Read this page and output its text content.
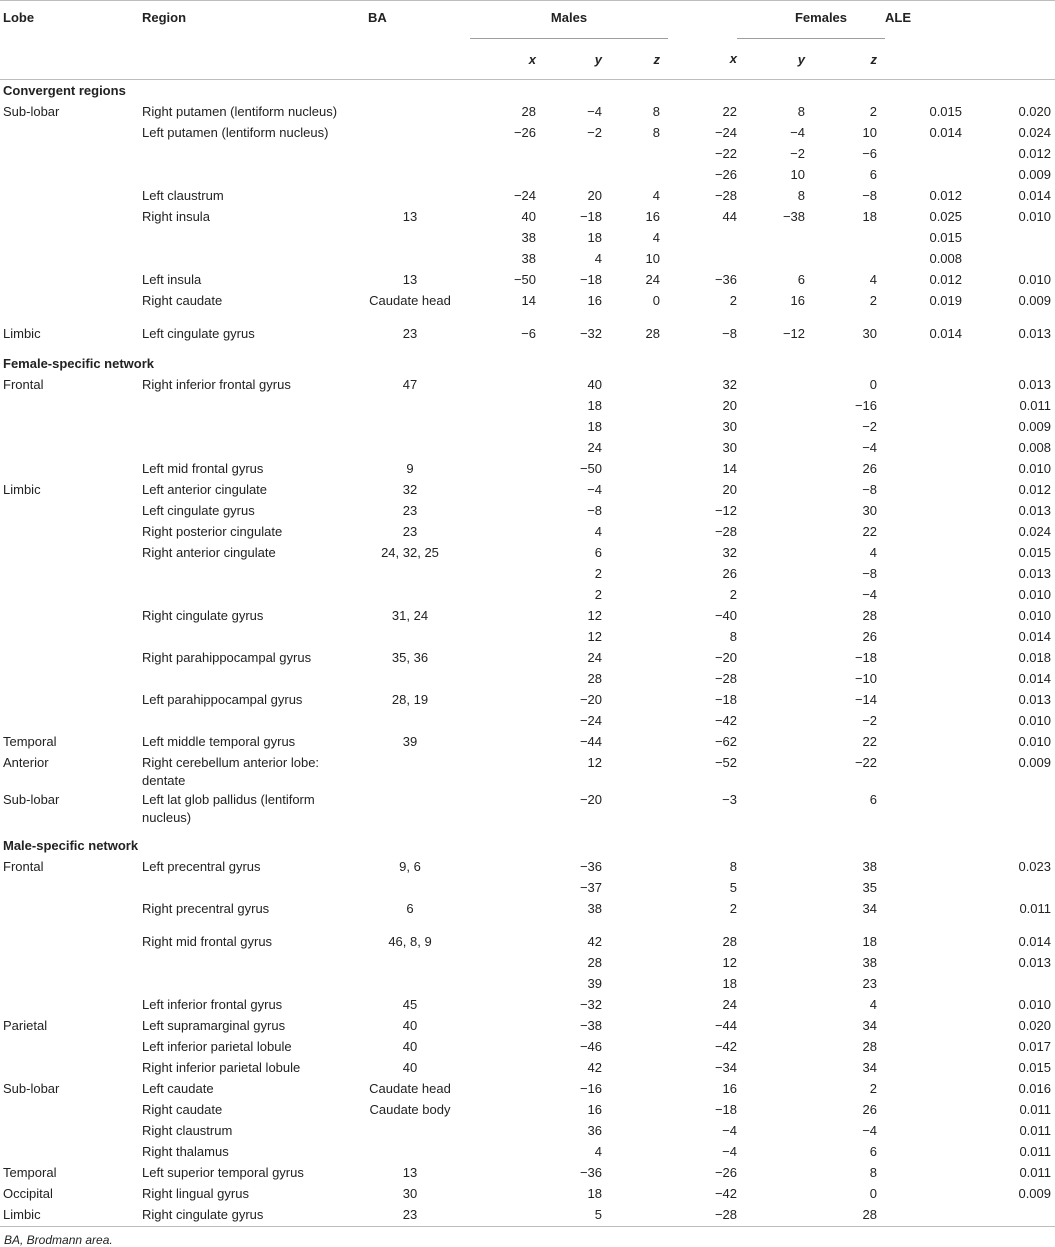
Lobe	Region	BA	Males				Females		ALE	
			x	y	z	x	y	z		
Convergent regions										
Sub-lobar	Right putamen (lentiform nucleus)		28	−4	8	22	8	2	0.015	0.020
	Left putamen (lentiform nucleus)		−26	−2	8	−24	−4	10	0.014	0.024
						−22	−2	−6		0.012
						−26	10	6		0.009
	Left claustrum		−24	20	4	−28	8	−8	0.012	0.014
	Right insula	13	40	−18	16	44	−38	18	0.025	0.010
			38	18	4				0.015	
			38	4	10				0.008	
	Left insula	13	−50	−18	24	−36	6	4	0.012	0.010
	Right caudate	Caudate head	14	16	0	2	16	2	0.019	0.009

Limbic	Left cingulate gyrus	23	−6	−32	28	−8	−12	30	0.014	0.013

Female-specific network										
Frontal	Right inferior frontal gyrus	47		40		32		0		0.013
				18		20		−16		0.011
				18		30		−2		0.009
				24		30		−4		0.008
	Left mid frontal gyrus	9		−50		14		26		0.010
Limbic	Left anterior cingulate	32		−4		20		−8		0.012
	Left cingulate gyrus	23		−8		−12		30		0.013
	Right posterior cingulate	23		4		−28		22		0.024
	Right anterior cingulate	24, 32, 25		6		32		4		0.015
				2		26		−8		0.013
				2		2		−4		0.010
	Right cingulate gyrus	31, 24		12		−40		28		0.010
				12		8		26		0.014
	Right parahippocampal gyrus	35, 36		24		−20		−18		0.018
				28		−28		−10		0.014
	Left parahippocampal gyrus	28, 19		−20		−18		−14		0.013
				−24		−42		−2		0.010
Temporal	Left middle temporal gyrus	39		−44		−62		22		0.010
Anterior	Right cerebellum anterior lobe: dentate			12		−52		−22		0.009
Sub-lobar	Left lat glob pallidus (lentiform nucleus)			−20		−3		6		

Male-specific network										
Frontal	Left precentral gyrus	9, 6		−36		8		38		0.023
				−37		5		35		
	Right precentral gyrus	6		38		2		34		0.011

	Right mid frontal gyrus	46, 8, 9		42		28		18		0.014
				28		12		38		0.013
				39		18		23		
	Left inferior frontal gyrus	45		−32		24		4		0.010
Parietal	Left supramarginal gyrus	40		−38		−44		34		0.020
	Left inferior parietal lobule	40		−46		−42		28		0.017
	Right inferior parietal lobule	40		42		−34		34		0.015
Sub-lobar	Left caudate	Caudate head		−16		16		2		0.016
	Right caudate	Caudate body		16		−18		26		0.011
	Right claustrum			36		−4		−4		0.011
	Right thalamus			4		−4		6		0.011
Temporal	Left superior temporal gyrus	13		−36		−26		8		0.011
Occipital	Right lingual gyrus	30		18		−42		0		0.009
Limbic	Right cingulate gyrus	23		5		−28		28		
BA, Brodmann area.
